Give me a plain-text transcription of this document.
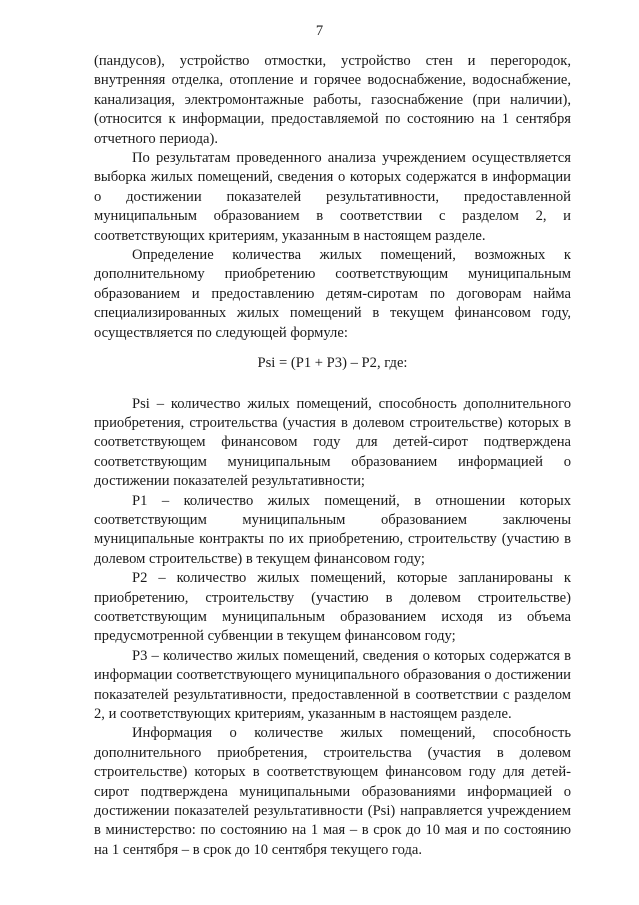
7

(пандусов), устройство отмостки, устройство стен и перегородок, внутренняя отделка, отопление и горячее водоснабжение, водоснабжение, канализация, электромонтажные работы, газоснабжение (при наличии), (относится к информации, предоставляемой по состоянию на 1 сентября отчетного периода).

По результатам проведенного анализа учреждением осуществляется выборка жилых помещений, сведения о которых содержатся в информации о достижении показателей результативности, предоставленной муниципальным образованием в соответствии с разделом 2, и соответствующих критериям, указанным в настоящем разделе.

Определение количества жилых помещений, возможных к дополнительному приобретению соответствующим муниципальным образованием и предоставлению детям-сиротам по договорам найма специализированных жилых помещений в текущем финансовом году, осуществляется по следующей формуле:

Psi = (P1 + P3) – P2, где:

Psi – количество жилых помещений, способность дополнительного приобретения, строительства (участия в долевом строительстве) которых в соответствующем финансовом году для детей-сирот подтверждена соответствующим муниципальным образованием информацией о достижении показателей результативности;

P1 – количество жилых помещений, в отношении которых соответствующим муниципальным образованием заключены муниципальные контракты по их приобретению, строительству (участию в долевом строительстве) в текущем финансовом году;

P2 – количество жилых помещений, которые запланированы к приобретению, строительству (участию в долевом строительстве) соответствующим муниципальным образованием исходя из объема предусмотренной субвенции в текущем финансовом году;

P3 – количество жилых помещений, сведения о которых содержатся в информации соответствующего муниципального образования о достижении показателей результативности, предоставленной в соответствии с разделом 2, и соответствующих критериям, указанным в настоящем разделе.

Информация о количестве жилых помещений, способность дополнительного приобретения, строительства (участия в долевом строительстве) которых в соответствующем финансовом году для детей-сирот подтверждена муниципальными образованиями информацией о достижении показателей результативности (Psi) направляется учреждением в министерство: по состоянию на 1 мая – в срок до 10 мая и по состоянию на 1 сентября – в срок до 10 сентября текущего года.
